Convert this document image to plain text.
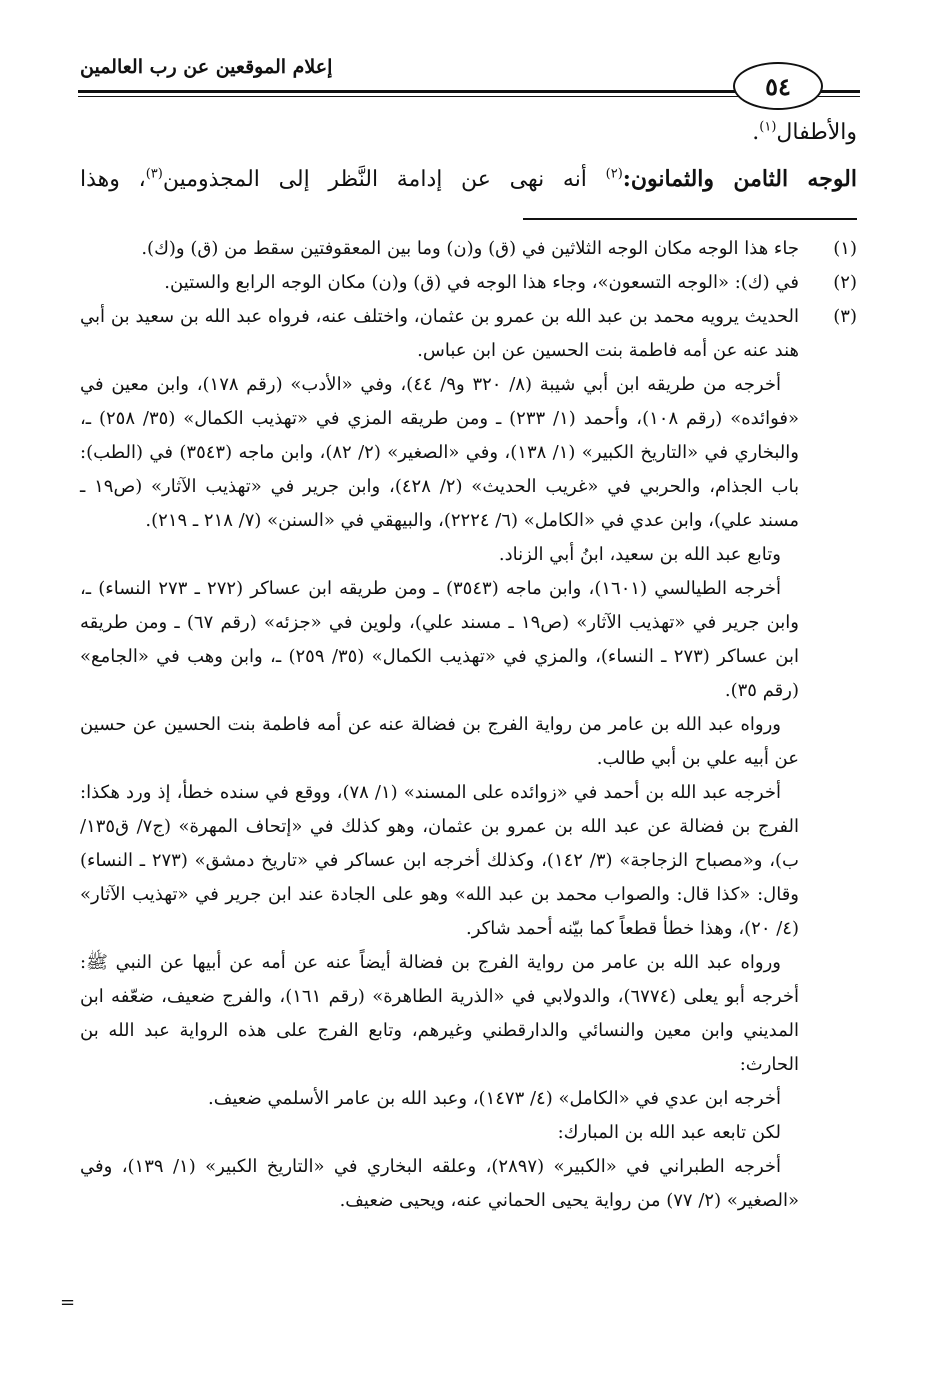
إعلام الموقعين عن رب العالمين
٥٤
والأطفال$^{(١)}$.
الوجه الثامن والثمانون:$^{(٢)}$ أنه نهى عن إدامة النَّظر إلى المجذومين$^{(٣)}$، وهذا
(١)

جاء هذا الوجه مكان الوجه الثلاثين في (ق) و(ن) وما بين المعقوفتين سقط من (ق) و(ك).

(٢)

في (ك): «الوجه التسعون»، وجاء هذا الوجه في (ق) و(ن) مكان الوجه الرابع والستين.

(٣)

الحديث يرويه محمد بن عبد الله بن عمرو بن عثمان، واختلف عنه، فرواه عبد الله بن سعيد بن أبي هند عنه عن أمه فاطمة بنت الحسين عن ابن عباس.

أخرجه من طريقه ابن أبي شيبة (٨/ ٣٢٠ و٩/ ٤٤)، وفي «الأدب» (رقم ١٧٨)، وابن معين في «فوائده» (رقم ١٠٨)، وأحمد (١/ ٢٣٣) ـ ومن طريقه المزي في «تهذيب الكمال» (٣٥/ ٢٥٨) ـ، والبخاري في «التاريخ الكبير» (١/ ١٣٨)، وفي «الصغير» (٢/ ٨٢)، وابن ماجه (٣٥٤٣) في (الطب): باب الجذام، والحربي في «غريب الحديث» (٢/ ٤٢٨)، وابن جرير في «تهذيب الآثار» (ص١٩ ـ مسند علي)، وابن عدي في «الكامل» (٦/ ٢٢٢٤)، والبيهقي في «السنن» (٧/ ٢١٨ ـ ٢١٩).
وتابع عبد الله بن سعيد، ابنُ أبي الزناد.
أخرجه الطيالسي (١٦٠١)، وابن ماجه (٣٥٤٣) ـ ومن طريقه ابن عساكر (٢٧٢ ـ ٢٧٣ النساء) ـ، وابن جرير في «تهذيب الآثار» (ص١٩ ـ مسند علي)، ولوين في «جزئه» (رقم ٦٧) ـ ومن طريقه ابن عساكر (٢٧٣ ـ النساء)، والمزي في «تهذيب الكمال» (٣٥/ ٢٥٩) ـ، وابن وهب في «الجامع» (رقم ٣٥).
ورواه عبد الله بن عامر من رواية الفرج بن فضالة عنه عن أمه فاطمة بنت الحسين عن حسين عن أبيه علي بن أبي طالب.
أخرجه عبد الله بن أحمد في «زوائده على المسند» (١/ ٧٨)، ووقع في سنده خطأ، إذ ورد هكذا: الفرج بن فضالة عن عبد الله بن عمرو بن عثمان، وهو كذلك في «إتحاف المهرة» (ج٧/ ق١٣٥/ ب)، و«مصباح الزجاجة» (٣/ ١٤٢)، وكذلك أخرجه ابن عساكر في «تاريخ دمشق» (٢٧٣ ـ النساء) وقال: «كذا قال: والصواب محمد بن عبد الله» وهو على الجادة عند ابن جرير في «تهذيب الآثار» (٤/ ٢٠)، وهذا خطأ قطعاً كما بيّنه أحمد شاكر.
ورواه عبد الله بن عامر من رواية الفرج بن فضالة أيضاً عنه عن أمه عن أبيها عن النبي ﷺ: أخرجه أبو يعلى (٦٧٧٤)، والدولابي في «الذرية الطاهرة» (رقم ١٦١)، والفرج ضعيف، ضعّفه ابن المديني وابن معين والنسائي والدارقطني وغيرهم، وتابع الفرج على هذه الرواية عبد الله بن الحارث:
أخرجه ابن عدي في «الكامل» (٤/ ١٤٧٣)، وعبد الله بن عامر الأسلمي ضعيف.
لكن تابعه عبد الله بن المبارك:
أخرجه الطبراني في «الكبير» (٢٨٩٧)، وعلقه البخاري في «التاريخ الكبير» (١/ ١٣٩)، وفي «الصغير» (٢/ ٧٧) من رواية يحيى الحماني عنه، ويحيى ضعيف.
=
